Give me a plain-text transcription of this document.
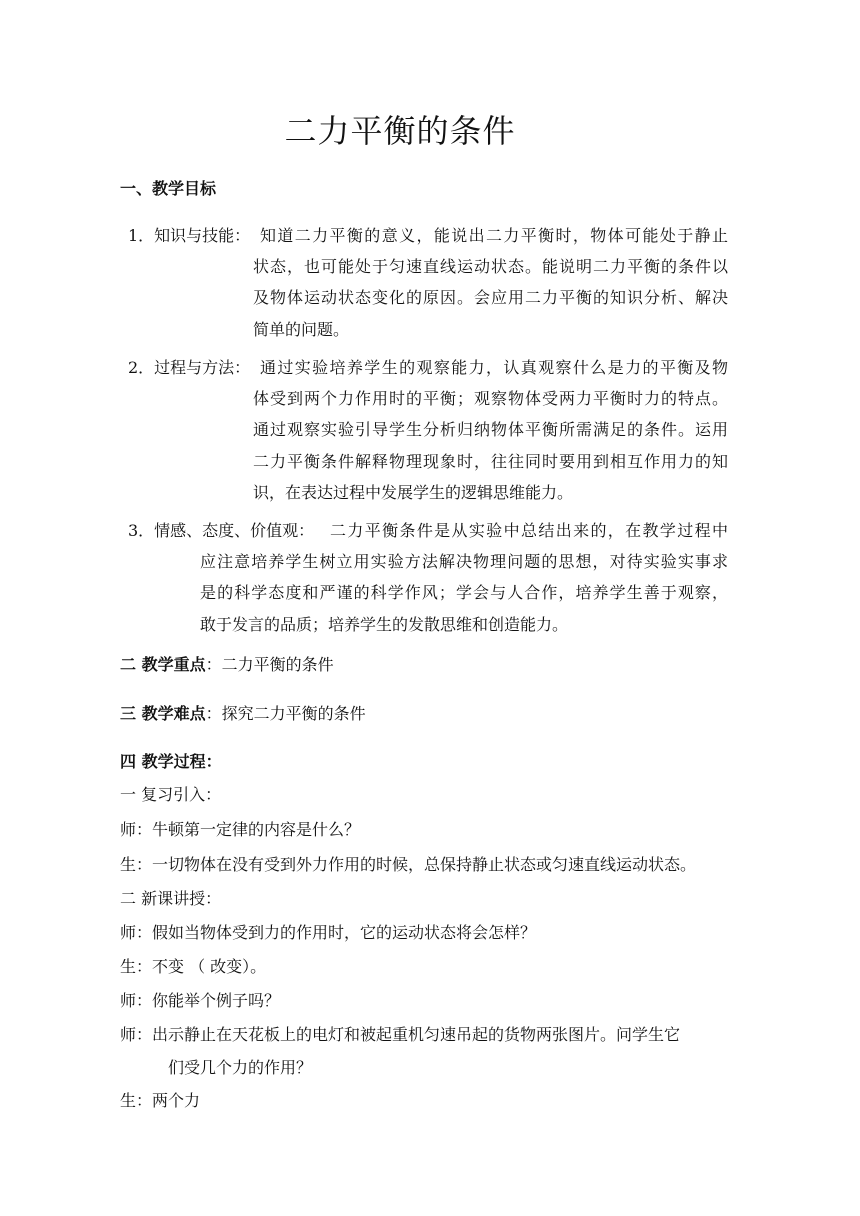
二力平衡的条件
一、教学目标
1．知识与技能： 知道二力平衡的意义，能说出二力平衡时，物体可能处于静止
状态，也可能处于匀速直线运动状态。能说明二力平衡的条件以
及物体运动状态变化的原因。会应用二力平衡的知识分析、解决
简单的问题。
2．过程与方法： 通过实验培养学生的观察能力，认真观察什么是力的平衡及物
体受到两个力作用时的平衡；观察物体受两力平衡时力的特点。
通过观察实验引导学生分析归纳物体平衡所需满足的条件。运用
二力平衡条件解释物理现象时，往往同时要用到相互作用力的知
识，在表达过程中发展学生的逻辑思维能力。
3．情感、态度、价值观： 二力平衡条件是从实验中总结出来的，在教学过程中
应注意培养学生树立用实验方法解决物理问题的思想，对待实验实事求
是的科学态度和严谨的科学作风；学会与人合作，培养学生善于观察，
敢于发言的品质；培养学生的发散思维和创造能力。
二 教学重点：二力平衡的条件
三 教学难点：探究二力平衡的条件
四 教学过程：
一 复习引入：
师：牛顿第一定律的内容是什么？
生：一切物体在没有受到外力作用的时候，总保持静止状态或匀速直线运动状态。
二 新课讲授：
师：假如当物体受到力的作用时，它的运动状态将会怎样？
生：不变 （ 改变）。
师：你能举个例子吗？
师：出示静止在天花板上的电灯和被起重机匀速吊起的货物两张图片。问学生它
们受几个力的作用？
生：两个力
